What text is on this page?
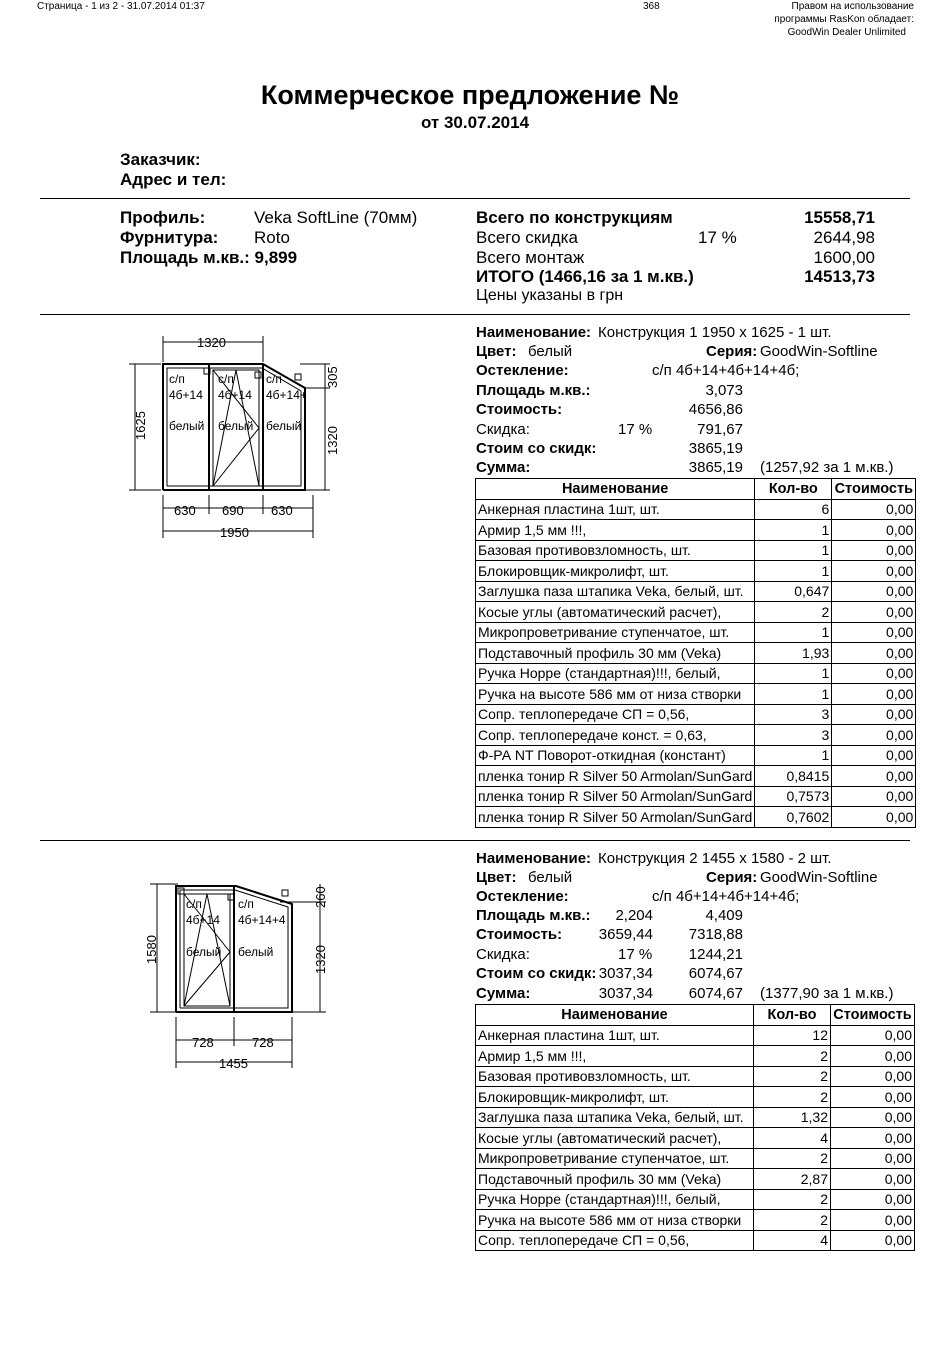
Страница - 1 из 2 - 31.07.2014 01:37	368	Правом на использование
программы RasKon обладает:
GoodWin Dealer Unlimited
Коммерческое предложение №
от 30.07.2014
Заказчик:
Адрес и тел:
Профиль:	Veka SoftLine (70мм)
Фурнитура: Roto
Площадь м.кв.: 9,899
Всего по конструкциям	15558,71
Всего скидка	17 %	2644,98
Всего монтаж	1600,00
ИТОГО (1466,16 за 1 м.кв.)	14513,73
Цены указаны в грн
1320
с/п
4б+14
белый
с/п
4б+14
белый
с/п
4б+14+
белый
630 690 630
1950
1625
1320
305
Наименование: Конструкция 1 1950 х 1625 - 1 шт.
Цвет: белый	Серия: GoodWin-Softline
Остекление:	с/п 4б+14+4б+14+4б;
Площадь м.кв.:	3,073
Стоимость:	4656,86
Скидка:	17 %	791,67
Стоим со скидк:	3865,19
Сумма:	3865,19 (1257,92 за 1 м.кв.)
Наименование	Кол-во	Стоимость
Анкерная пластина 1шт, шт.	6	0,00
Армир 1,5 мм !!!,	1	0,00
Базовая противовзломность, шт.	1	0,00
Блокировщик-микролифт, шт.	1	0,00
Заглушка паза штапика Veka, белый, шт.	0,647	0,00
Косые углы (автоматический расчет),	2	0,00
Микропроветривание ступенчатое, шт.	1	0,00
Подставочный профиль 30 мм (Veka)	1,93	0,00
Ручка Hoppe (стандартная)!!!, белый,	1	0,00
Ручка на высоте 586 мм от низа створки	1	0,00
Сопр. теплопередаче СП = 0,56,	3	0,00
Сопр. теплопередаче конст. = 0,63,	3	0,00
Ф-РА NT Поворот-откидная (констант)	1	0,00
пленка тонир R Silver 50 Armolan/SunGard	0,8415	0,00
пленка тонир R Silver 50 Armolan/SunGard	0,7573	0,00
пленка тонир R Silver 50 Armolan/SunGard	0,7602	0,00
с/п
4б+14
белый
с/п
4б+14+4
белый
728	728
1455
1580	1320
260
Наименование: Конструкция 2 1455 х 1580 - 2 шт.
Цвет: белый	Серия: GoodWin-Softline
Остекление:	с/п 4б+14+4б+14+4б;
Площадь м.кв.: 2,204	4,409
Стоимость: 3659,44 7318,88
Скидка:	17 % 1244,21
Стоим со скидк: 3037,34 6074,67
Сумма:	3037,34 6074,67 (1377,90 за 1 м.кв.)
Наименование	Кол-во	Стоимость
Анкерная пластина 1шт, шт.	12	0,00
Армир 1,5 мм !!!,	2	0,00
Базовая противовзломность, шт.	2	0,00
Блокировщик-микролифт, шт.	2	0,00
Заглушка паза штапика Veka, белый, шт.	1,32	0,00
Косые углы (автоматический расчет),	4	0,00
Микропроветривание ступенчатое, шт.	2	0,00
Подставочный профиль 30 мм (Veka)	2,87	0,00
Ручка Hoppe (стандартная)!!!, белый,	2	0,00
Ручка на высоте 586 мм от низа створки	2	0,00
Сопр. теплопередаче СП = 0,56,	4	0,00
